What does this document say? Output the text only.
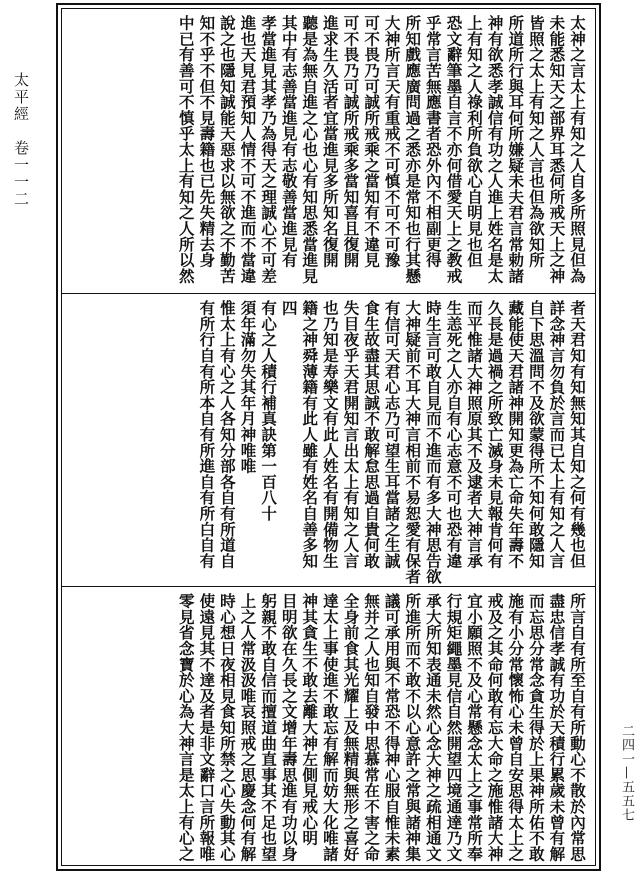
太平經　卷一一二	太神之言太上有知之人自多所照見但為
未能悉知天之部界耳悉何所戒天上之神
皆照之太上有知之人言也但為欲知所
所道所行與耳何所嫌疑未夫君言常勅諸
神有欲悉孝誠信有功之人進上姓名是太
上有知之人祿利所負欲心自明見也但
恐文辭筆墨自言不亦何借愛天上之教戒
乎常言苦無應書者恐外內不相副更得
所知戲應廣問過之悉亦是常知也行其懸
大神所言天有重戒不可慎不可不可豫
可不畏乃可誠所戒乘之當知有不違見
可不畏乃可誠所戒乘多當知喜且復開
進求生久活者宜當進見多所知名復開
聽是為無自進之心也心有知思悉當進見
其中有志善當進見有志敬善當進見有
孝當進見其孝乃為得天之理誠心不可差
進也天見君預知人情不可不進而不當違
說之也隱知誠能天惡求以無欲之不勤苦
知不乎不但不見壽籍也已先失精去身
中已有善可不慎乎太上有知之人所以然
者天君知有知無知其自知之何有幾也但
詳念神言勿負於言而已太上有知之人言
自下思溫問不及欲蒙得所不知何敢隱知
藏能使天君諸神開知更為亡命失年壽不
久長是過禍之所致亡滅身未見報肯何有
而平惟諸大神照原其不及逮者大神言承
生恙死之人亦自有心志意不可也恐有違
時生言可敢自見而不進而有多大神思告欲
大神疑前不耳大神言相前不易恕愛有保者
有信可天君心志乃可望生耳當諸之生誠
食生故盡其思誠不敢解怠思過自貴何敢
失目夜乎天君開知言出太上有知之人言
也乃知是寿樂文有此人姓名有開備物生
籍之神舜薄籍有此人雖有姓名自善多知
四
有心之人積行補真訣第一百八十
須年滿勿失其年月神唯唯
惟太上有心之人各知分部各自有所道自
有所行自有所本自有所進自有所白自有
所言自有所至自有所動心不散於內常思
盡忠信孝誠有功於天積行累歲未曾有解
而忘思分常念貪生得於上果神所佑不敢
施有小分常懷怖心未曾自安思得太上之
戒及之其命何敢有忘大命之施惟諸大神
宜小願照不及心常懸念太上之事常所奉
行規矩繩墨見信自然開望四境通達乃文
承大所知表通未然心念大神之疏相通文
所進所而不敢不以心意許之常與諸神集
議可承用與不常恐不得神心服自惟未素
無并之人也知自發中思慕常在不害之命
全身前食其光耀上及無精與無形之喜好
達太上事使進不敢忘有解而妨大化唯諸
神其貪生不敢去離大神左側見戒心明
目明欲在久長之文增年壽思進有功以身
躬親不敢自信而擅道曲直事其不足也望
上之人常汲汲唯哀照戒之思慶念何有解
時心想日夜相見食知所禁之心失動其心
使遠見其不達及者是非文辭口言所報唯
零見省念寶於心為大神言是太上有心之	二四一—五五七
